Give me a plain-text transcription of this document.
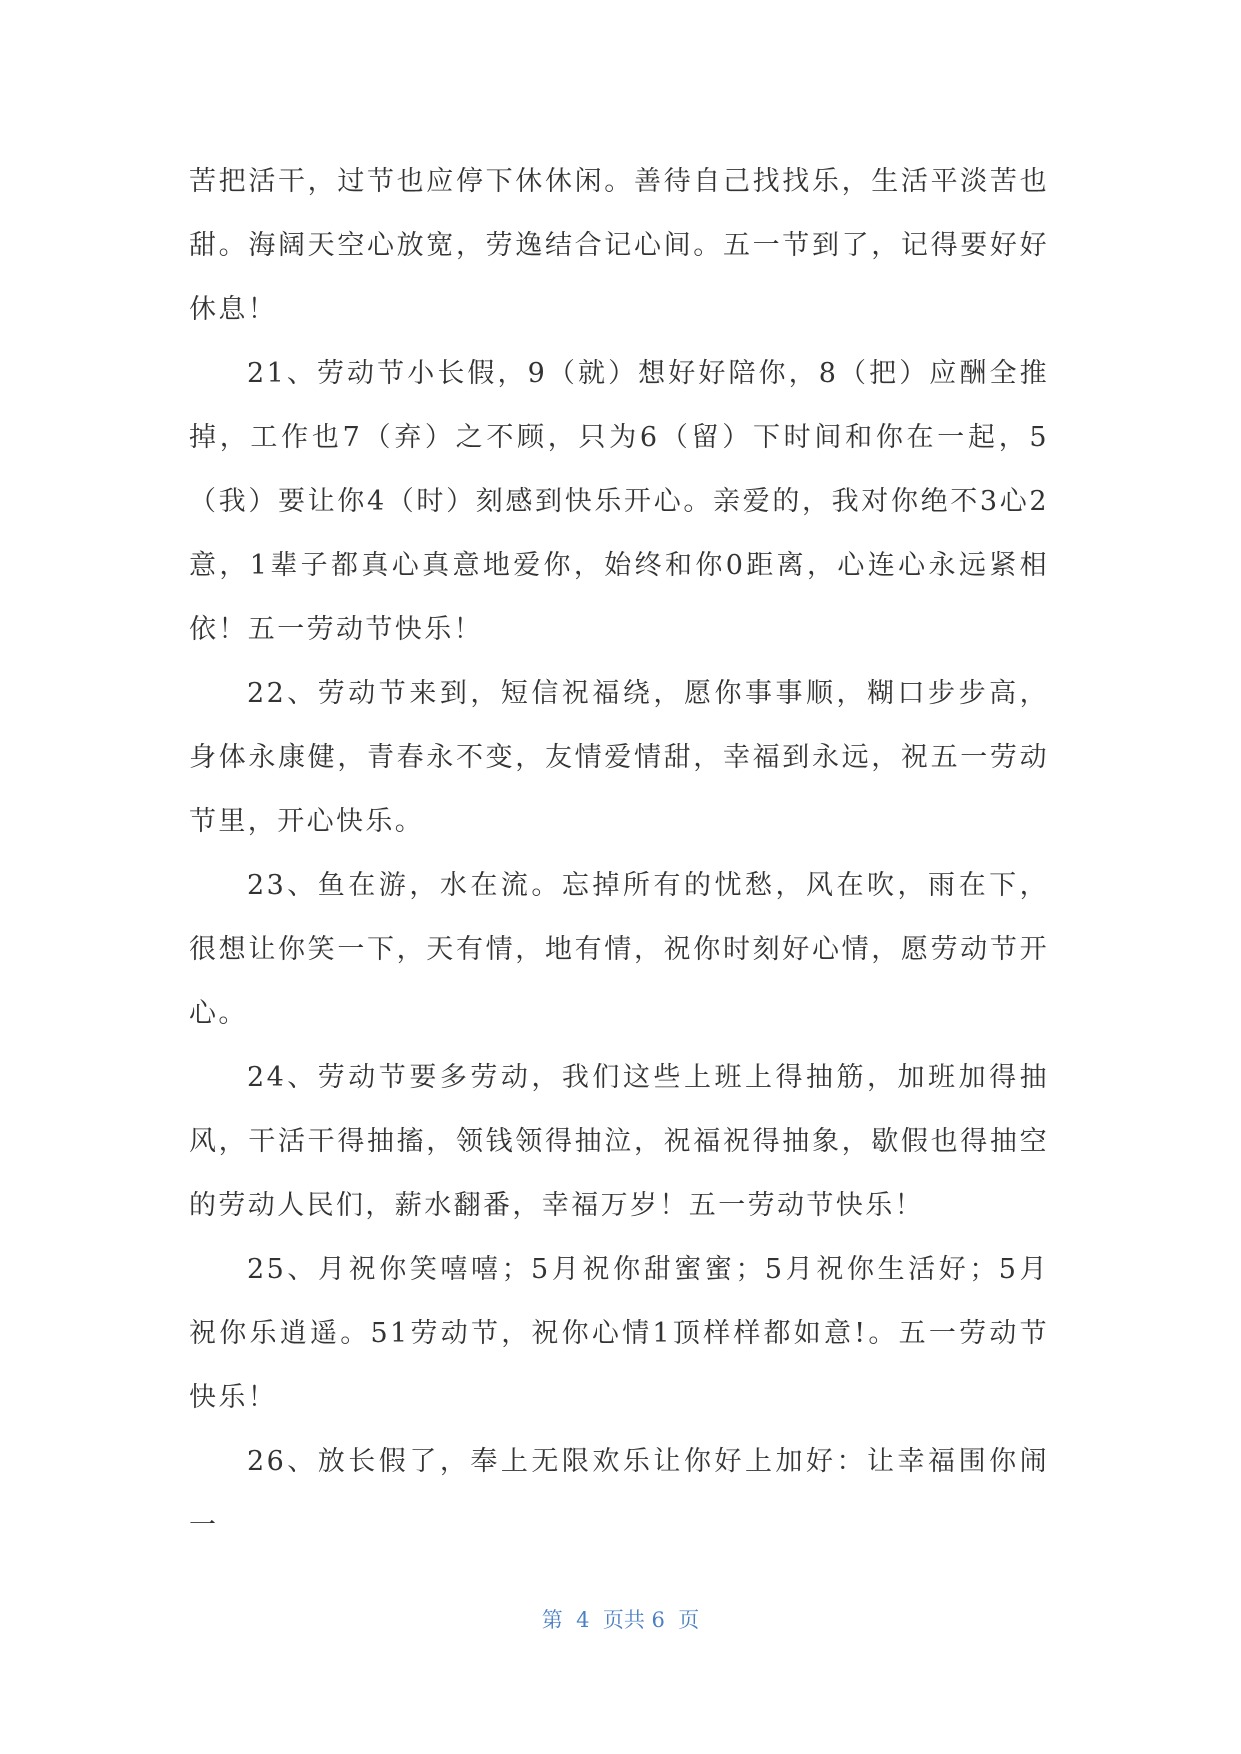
苦把活干，过节也应停下休休闲。善待自己找找乐，生活平淡苦也甜。海阔天空心放宽，劳逸结合记心间。五一节到了，记得要好好休息！

21、劳动节小长假，9（就）想好好陪你，8（把）应酬全推掉，工作也7（弃）之不顾，只为6（留）下时间和你在一起，5（我）要让你4（时）刻感到快乐开心。亲爱的，我对你绝不3心2意，1辈子都真心真意地爱你，始终和你0距离，心连心永远紧相依！五一劳动节快乐！

22、劳动节来到，短信祝福绕，愿你事事顺，糊口步步高，身体永康健，青春永不变，友情爱情甜，幸福到永远，祝五一劳动节里，开心快乐。

23、鱼在游，水在流。忘掉所有的忧愁，风在吹，雨在下，很想让你笑一下，天有情，地有情，祝你时刻好心情，愿劳动节开心。

24、劳动节要多劳动，我们这些上班上得抽筋，加班加得抽风，干活干得抽搐，领钱领得抽泣，祝福祝得抽象，歇假也得抽空的劳动人民们，薪水翻番，幸福万岁！五一劳动节快乐！

25、月祝你笑嘻嘻；5月祝你甜蜜蜜；5月祝你生活好；5月祝你乐逍遥。51劳动节，祝你心情1顶样样都如意!。五一劳动节快乐！

26、放长假了，奉上无限欢乐让你好上加好：让幸福围你闹一

第  4  页共 6  页
